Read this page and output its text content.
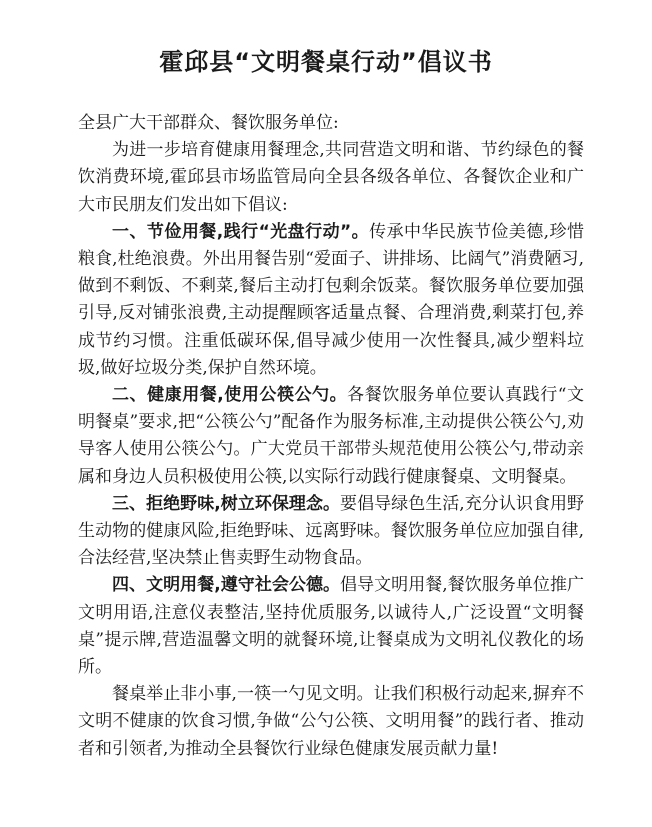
霍邱县“文明餐桌行动”倡议书

全县广大干部群众、餐饮服务单位:

为进一步培育健康用餐理念,共同营造文明和谐、节约绿色的餐饮消费环境,霍邱县市场监管局向全县各级各单位、各餐饮企业和广大市民朋友们发出如下倡议:

一、节俭用餐,践行“光盘行动”。传承中华民族节俭美德,珍惜粮食,杜绝浪费。外出用餐告别“爱面子、讲排场、比阔气”消费陋习,做到不剩饭、不剩菜,餐后主动打包剩余饭菜。餐饮服务单位要加强引导,反对铺张浪费,主动提醒顾客适量点餐、合理消费,剩菜打包,养成节约习惯。注重低碳环保,倡导减少使用一次性餐具,减少塑料垃圾,做好垃圾分类,保护自然环境。

二、健康用餐,使用公筷公勺。各餐饮服务单位要认真践行“文明餐桌”要求,把“公筷公勺”配备作为服务标准,主动提供公筷公勺,劝导客人使用公筷公勺。广大党员干部带头规范使用公筷公勺,带动亲属和身边人员积极使用公筷,以实际行动践行健康餐桌、文明餐桌。

三、拒绝野味,树立环保理念。要倡导绿色生活,充分认识食用野生动物的健康风险,拒绝野味、远离野味。餐饮服务单位应加强自律,合法经营,坚决禁止售卖野生动物食品。

四、文明用餐,遵守社会公德。倡导文明用餐,餐饮服务单位推广文明用语,注意仪表整洁,坚持优质服务,以诚待人,广泛设置“文明餐桌”提示牌,营造温馨文明的就餐环境,让餐桌成为文明礼仪教化的场所。

餐桌举止非小事,一筷一勺见文明。让我们积极行动起来,摒弃不文明不健康的饮食习惯,争做“公勺公筷、文明用餐”的践行者、推动者和引领者,为推动全县餐饮行业绿色健康发展贡献力量!
